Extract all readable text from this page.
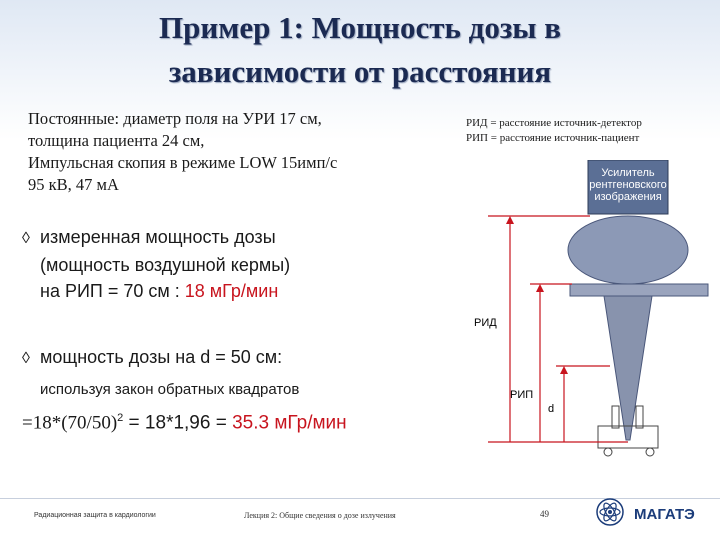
Пример 1: Мощность дозы в
зависимости от расстояния
Постоянные: диаметр поля на УРИ 17 см,
толщина пациента 24 см,
Импульсная скопия в режиме LOW 15имп/с
95 кВ, 47 мА
РИД = расстояние источник-детектор
РИП = расстояние источник-пациент
◊ измеренная мощность дозы
(мощность воздушной кермы)
на РИП = 70 см : 18 мГр/мин
◊ мощность дозы на d = 50 см:
используя закон обратных квадратов
$=18*(70/50)^2 = 18*1,96 = 35.3$ мГр/мин
Усилитель
рентгеновского
изображения
РИД
РИП
d
Радиационная защита в кардиологии	Лекция 2: Общие сведения о дозе излучения	49	МАГАТЭ
